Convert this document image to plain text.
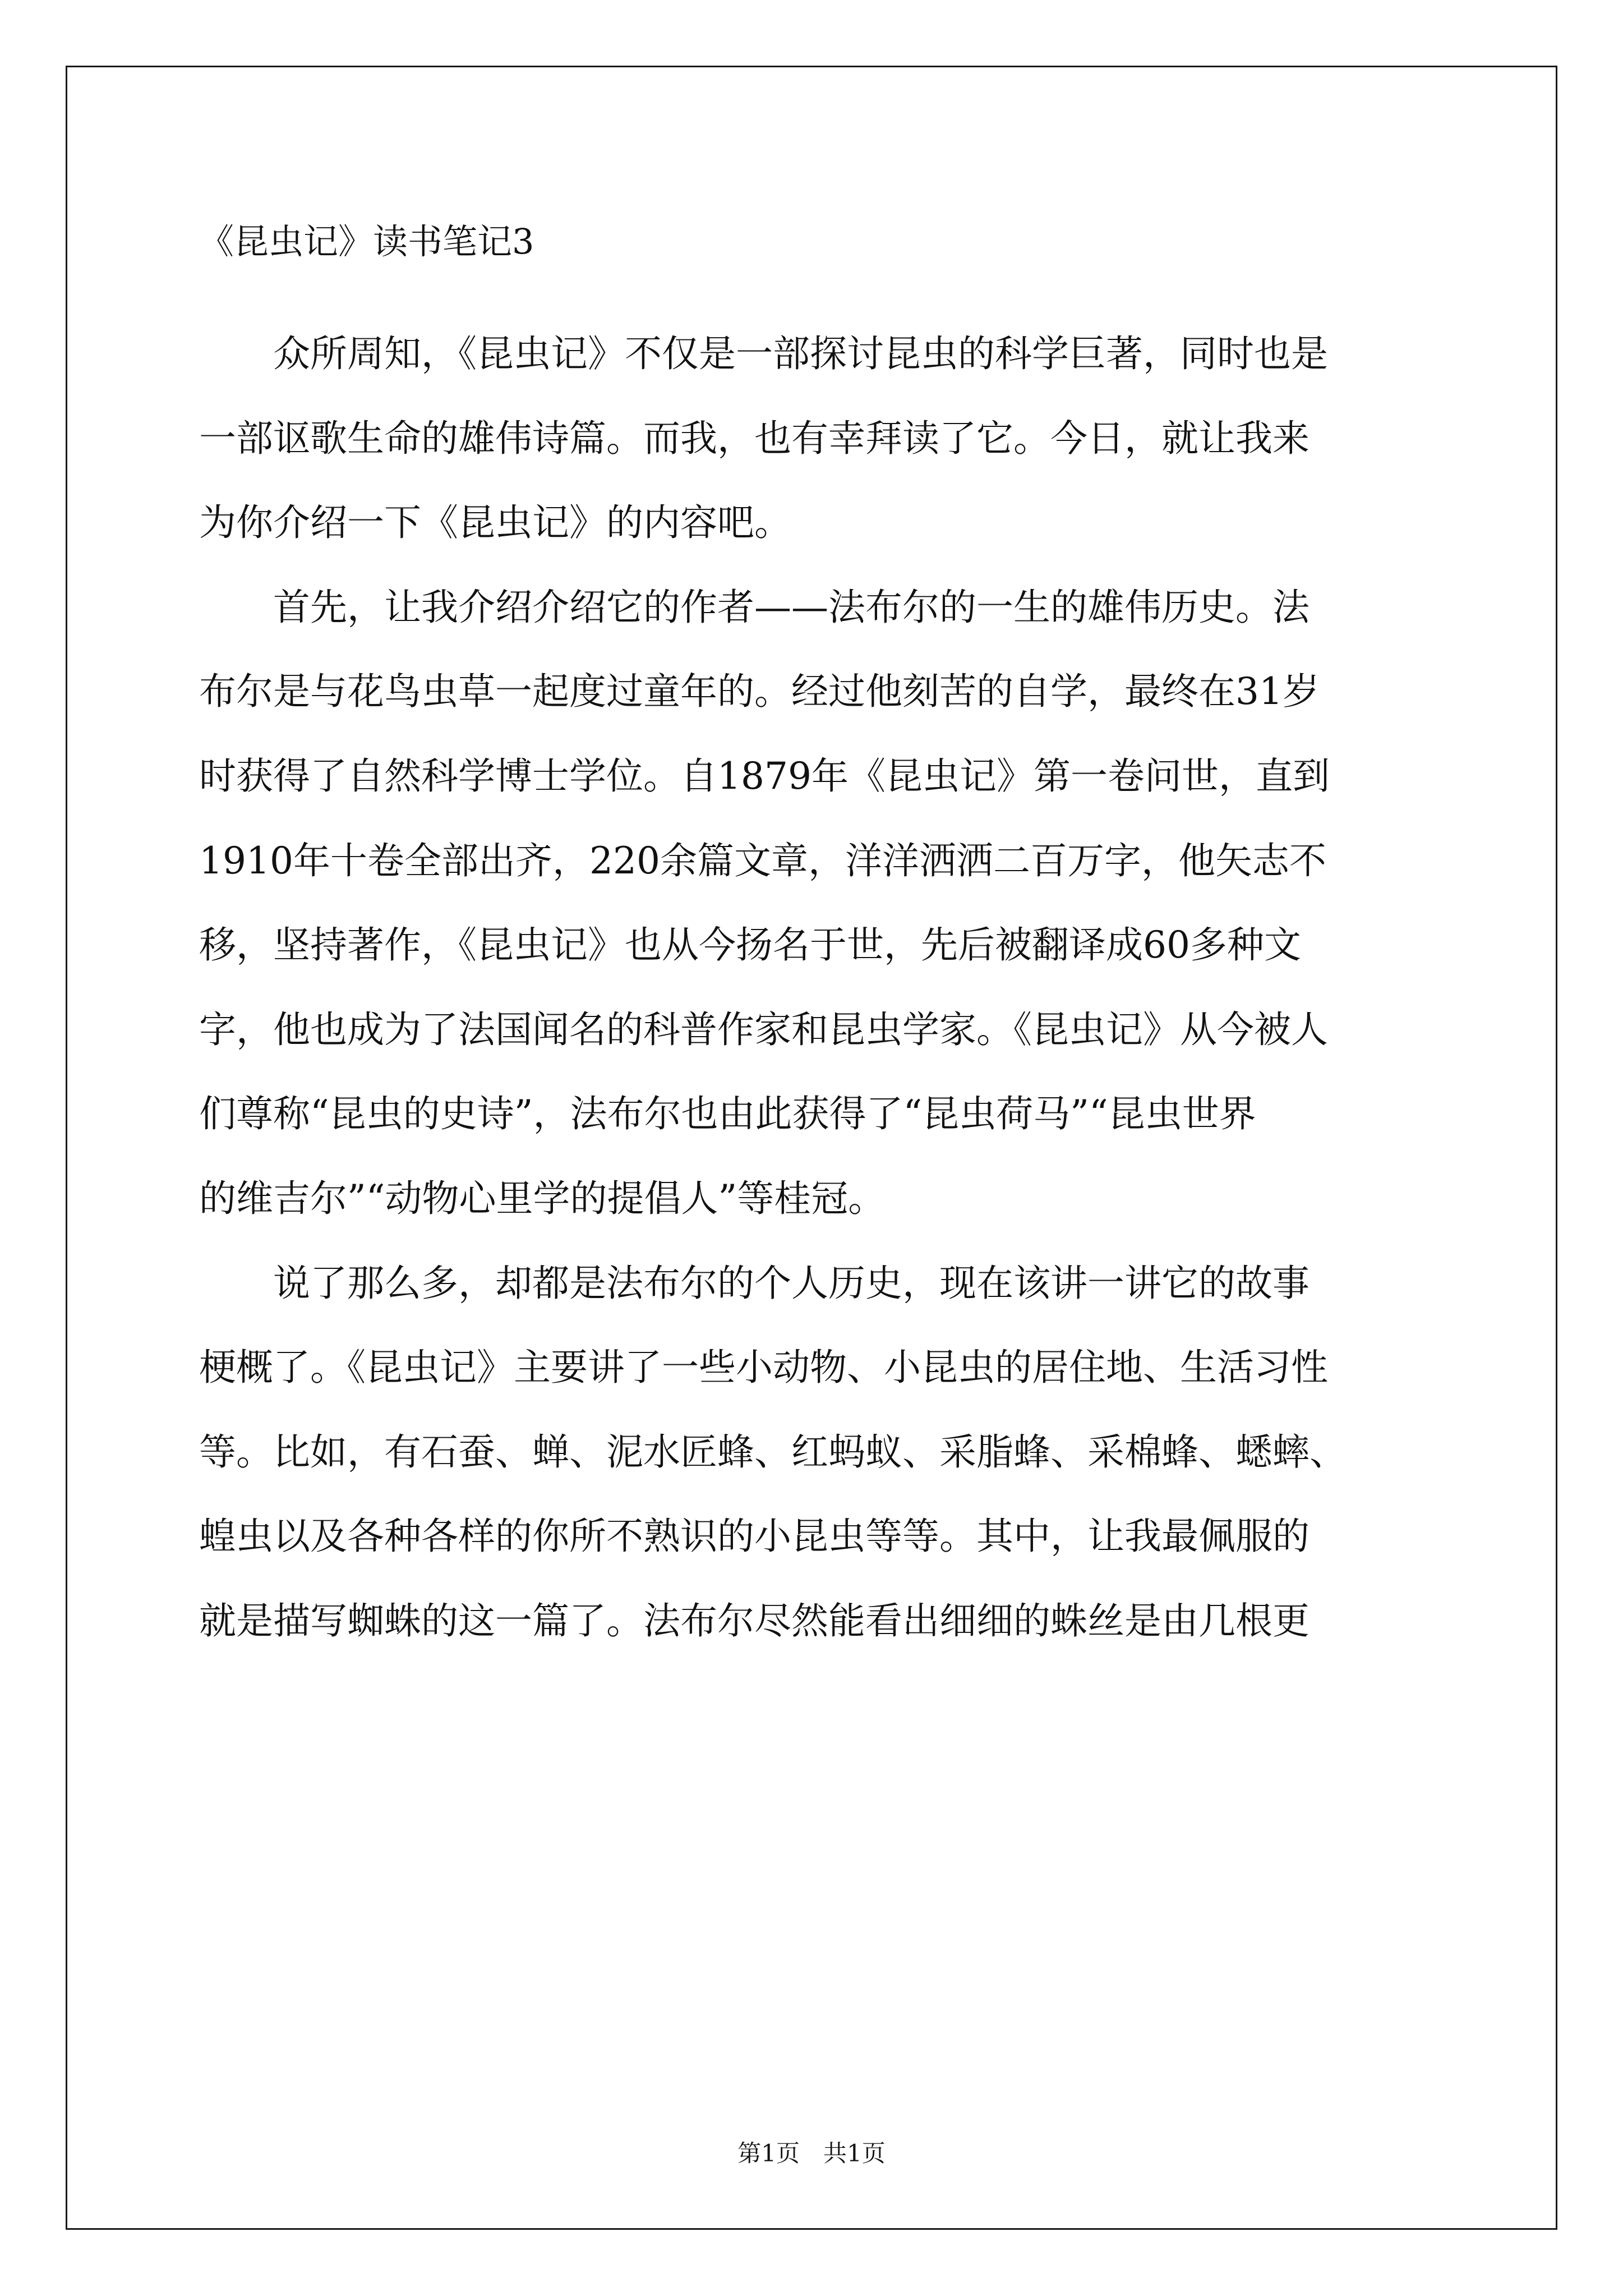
《昆虫记》读书笔记3

　　众所周知，《昆虫记》不仅是一部探讨昆虫的科学巨著，同时也是

一部讴歌生命的雄伟诗篇。而我，也有幸拜读了它。今日，就让我来

为你介绍一下《昆虫记》的内容吧。

　　首先，让我介绍介绍它的作者——法布尔的一生的雄伟历史。法

布尔是与花鸟虫草一起度过童年的。经过他刻苦的自学，最终在31岁

时获得了自然科学博士学位。自1879年《昆虫记》第一卷问世，直到

1910年十卷全部出齐，220余篇文章，洋洋洒洒二百万字，他矢志不

移，坚持著作，《昆虫记》也从今扬名于世，先后被翻译成60多种文

字，他也成为了法国闻名的科普作家和昆虫学家。《昆虫记》从今被人

们尊称“昆虫的史诗”，法布尔也由此获得了“昆虫荷马”“昆虫世界

的维吉尔”“动物心里学的提倡人”等桂冠。

　　说了那么多，却都是法布尔的个人历史，现在该讲一讲它的故事

梗概了。《昆虫记》主要讲了一些小动物、小昆虫的居住地、生活习性

等。比如，有石蚕、蝉、泥水匠蜂、红蚂蚁、采脂蜂、采棉蜂、蟋蟀、

蝗虫以及各种各样的你所不熟识的小昆虫等等。其中，让我最佩服的

就是描写蜘蛛的这一篇了。法布尔尽然能看出细细的蛛丝是由几根更

第1页　共1页
